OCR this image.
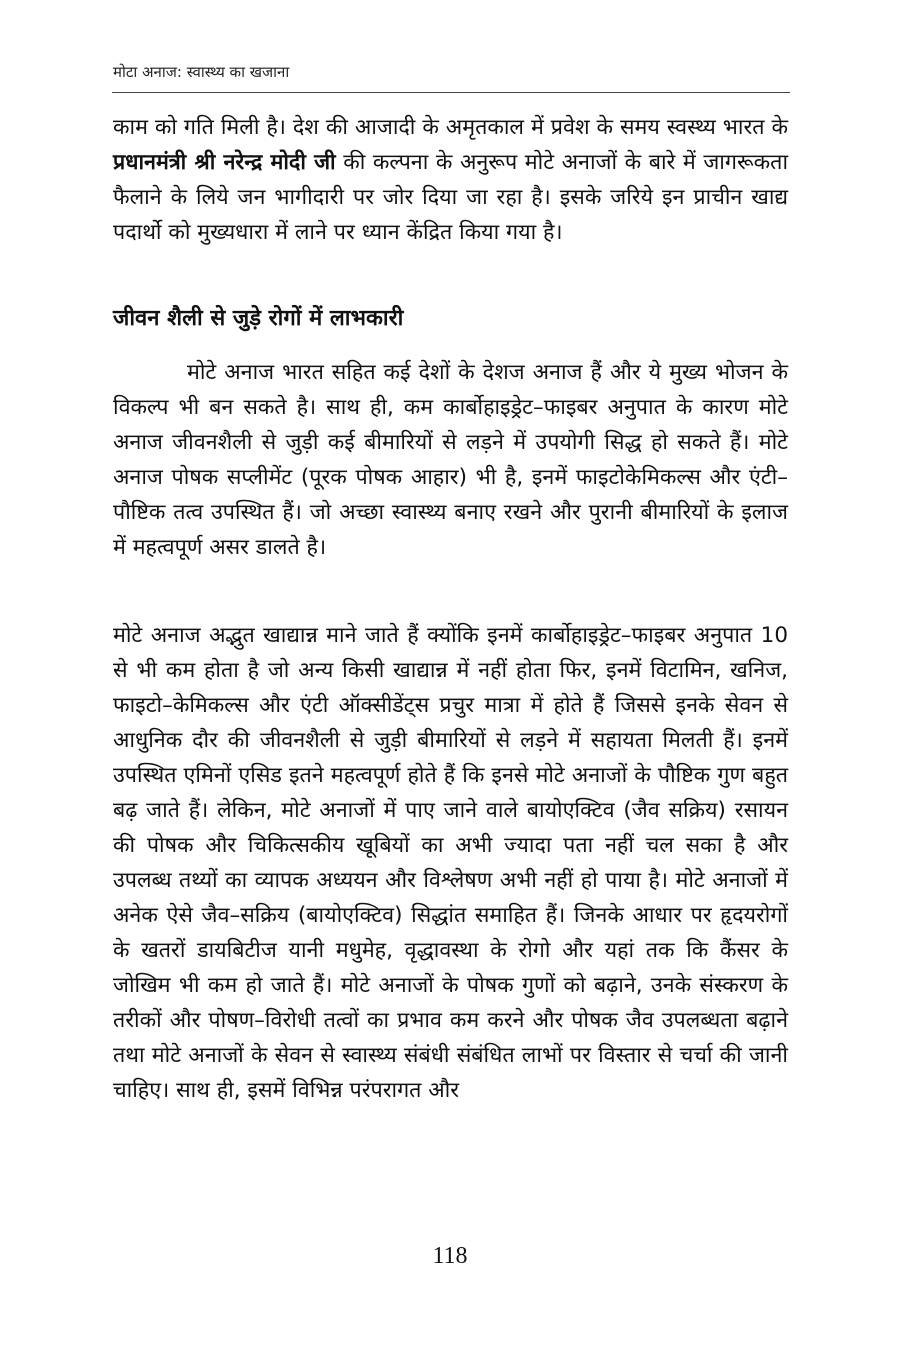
मोटा अनाज: स्वास्थ्य का खजाना

काम को गति मिली है। देश की आजादी के अमृतकाल में प्रवेश के समय स्वस्थ्य भारत के प्रधानमंत्री श्री नरेन्द्र मोदी जी की कल्पना के अनुरूप मोटे अनाजों के बारे में जागरूकता फैलाने के लिये जन भागीदारी पर जोर दिया जा रहा है। इसके जरिये इन प्राचीन खाद्य पदार्थो को मुख्यधारा में लाने पर ध्यान केंद्रित किया गया है।

जीवन शैली से जुड़े रोगों में लाभकारी

मोटे अनाज भारत सहित कई देशों के देशज अनाज हैं और ये मुख्य भोजन के विकल्प भी बन सकते है। साथ ही, कम कार्बोहाइड्रेट–फाइबर अनुपात के कारण मोटे अनाज जीवनशैली से जुड़ी कई बीमारियों से लड़ने में उपयोगी सिद्ध हो सकते हैं। मोटे अनाज पोषक सप्लीमेंट (पूरक पोषक आहार) भी है, इनमें फाइटोकेमिकल्स और एंटी–पौष्टिक तत्व उपस्थित हैं। जो अच्छा स्वास्थ्य बनाए रखने और पुरानी बीमारियों के इलाज में महत्वपूर्ण असर डालते है।

मोटे अनाज अद्भुत खाद्यान्न माने जाते हैं क्योंकि इनमें कार्बोहाइड्रेट–फाइबर अनुपात 10 से भी कम होता है जो अन्य किसी खाद्यान्न में नहीं होता फिर, इनमें विटामिन, खनिज, फाइटो–केमिकल्स और एंटी ऑक्सीडेंट्स प्रचुर मात्रा में होते हैं जिससे इनके सेवन से आधुनिक दौर की जीवनशैली से जुड़ी बीमारियों से लड़ने में सहायता मिलती हैं। इनमें उपस्थित एमिनों एसिड इतने महत्वपूर्ण होते हैं कि इनसे मोटे अनाजों के पौष्टिक गुण बहुत बढ़ जाते हैं। लेकिन, मोटे अनाजों में पाए जाने वाले बायोएक्टिव (जैव सक्रिय) रसायन की पोषक और चिकित्सकीय खूबियों का अभी ज्यादा पता नहीं चल सका है और उपलब्ध तथ्यों का व्यापक अध्ययन और विश्लेषण अभी नहीं हो पाया है। मोटे अनाजों में अनेक ऐसे जैव–सक्रिय (बायोएक्टिव) सिद्धांत समाहित हैं। जिनके आधार पर हृदयरोगों के खतरों डायबिटीज यानी मधुमेह, वृद्धावस्था के रोगो और यहां तक कि कैंसर के जोखिम भी कम हो जाते हैं। मोटे अनाजों के पोषक गुणों को बढ़ाने, उनके संस्करण के तरीकों और पोषण–विरोधी तत्वों का प्रभाव कम करने और पोषक जैव उपलब्धता बढ़ाने तथा मोटे अनाजों के सेवन से स्वास्थ्य संबंधी संबंधित लाभों पर विस्तार से चर्चा की जानी चाहिए। साथ ही, इसमें विभिन्न परंपरागत और

118
